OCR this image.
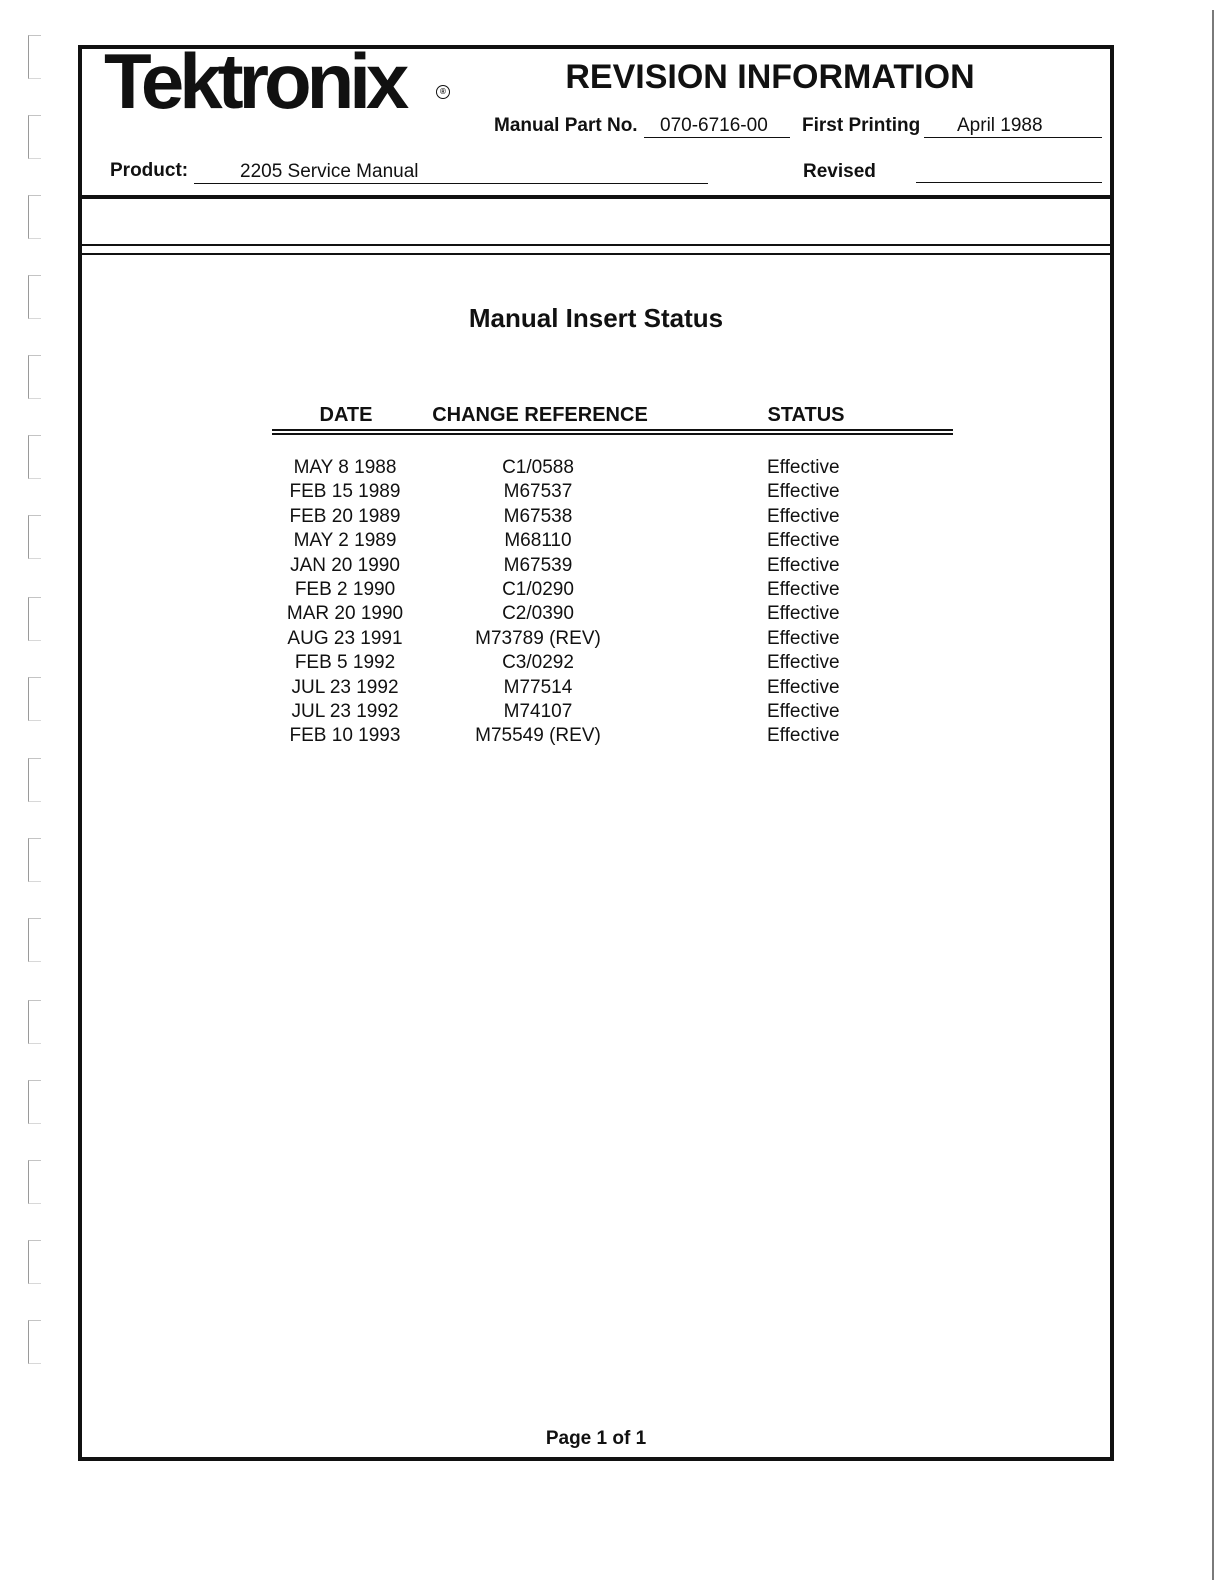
Tektronix	®	REVISION INFORMATION
Manual Part No.	070-6716-00	First Printing	April 1988
Product:	2205 Service Manual	Revised
Manual Insert Status
DATE	CHANGE REFERENCE	STATUS
MAY 8 1988	C1/0588	Effective
FEB 15 1989	M67537	Effective
FEB 20 1989	M67538	Effective
MAY 2 1989	M68110	Effective
JAN 20 1990	M67539	Effective
FEB 2 1990	C1/0290	Effective
MAR 20 1990	C2/0390	Effective
AUG 23 1991	M73789 (REV)	Effective
FEB 5 1992	C3/0292	Effective
JUL 23 1992	M77514	Effective
JUL 23 1992	M74107	Effective
FEB 10 1993	M75549 (REV)	Effective
Page 1 of 1
